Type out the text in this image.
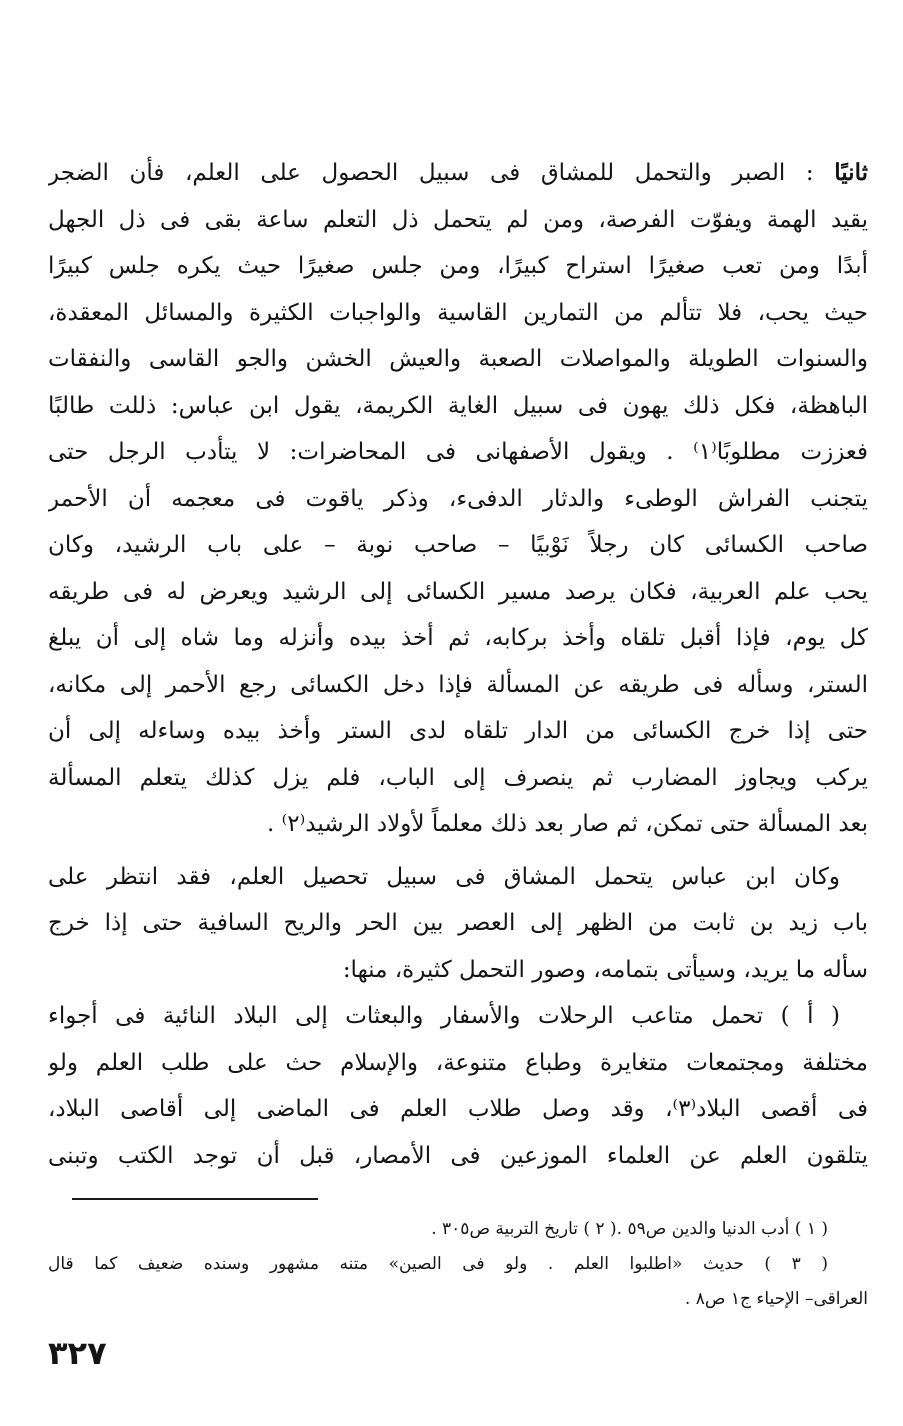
ثانيًا : الصبر والتحمل للمشاق فى سبيل الحصول على العلم، فأن الضجر
يقيد الهمة ويفوّت الفرصة، ومن لم يتحمل ذل التعلم ساعة بقى فى ذل الجهل
أبدًا ومن تعب صغيرًا استراح كبيرًا، ومن جلس صغيرًا حيث يكره جلس كبيرًا
حيث يحب، فلا تتألم من التمارين القاسية والواجبات الكثيرة والمسائل المعقدة،
والسنوات الطويلة والمواصلات الصعبة والعيش الخشن والجو القاسى والنفقات
الباهظة، فكل ذلك يهون فى سبيل الغاية الكريمة، يقول ابن عباس: ذللت طالبًا
فعززت مطلوبًا⁽١⁾ . ويقول الأصفهانى فى المحاضرات: لا يتأدب الرجل حتى
يتجنب الفراش الوطىء والدثار الدفىء، وذكر ياقوت فى معجمه أن الأحمر
صاحب الكسائى كان رجلاً نَوْبيًا – صاحب نوبة – على باب الرشيد، وكان
يحب علم العربية، فكان يرصد مسير الكسائى إلى الرشيد ويعرض له فى طريقه
كل يوم، فإذا أقبل تلقاه وأخذ بركابه، ثم أخذ بيده وأنزله وما شاه إلى أن يبلغ
الستر، وسأله فى طريقه عن المسألة فإذا دخل الكسائى رجع الأحمر إلى مكانه،
حتى إذا خرج الكسائى من الدار تلقاه لدى الستر وأخذ بيده وساءله إلى أن
يركب ويجاوز المضارب ثم ينصرف إلى الباب، فلم يزل كذلك يتعلم المسألة
بعد المسألة حتى تمكن، ثم صار بعد ذلك معلماً لأولاد الرشيد⁽٢⁾ .
وكان ابن عباس يتحمل المشاق فى سبيل تحصيل العلم، فقد انتظر على
باب زيد بن ثابت من الظهر إلى العصر بين الحر والريح السافية حتى إذا خرج
سأله ما يريد، وسيأتى بتمامه، وصور التحمل كثيرة، منها:
( أ ) تحمل متاعب الرحلات والأسفار والبعثات إلى البلاد النائية فى أجواء
مختلفة ومجتمعات متغايرة وطباع متنوعة، والإسلام حث على طلب العلم ولو
فى أقصى البلاد⁽٣⁾، وقد وصل طلاب العلم فى الماضى إلى أقاصى البلاد،
يتلقون العلم عن العلماء الموزعين فى الأمصار، قبل أن توجد الكتب وتبنى
( ١ ) أدب الدنيا والدين ص٥٩ .
( ٢ ) تاريخ التربية ص٣٠٥ .
( ٣ ) حديث «اطلبوا العلم . ولو فى الصين» متنه مشهور وسنده ضعيف كما قال
العراقى– الإحياء ج١ ص٨ .
٣٢٧
